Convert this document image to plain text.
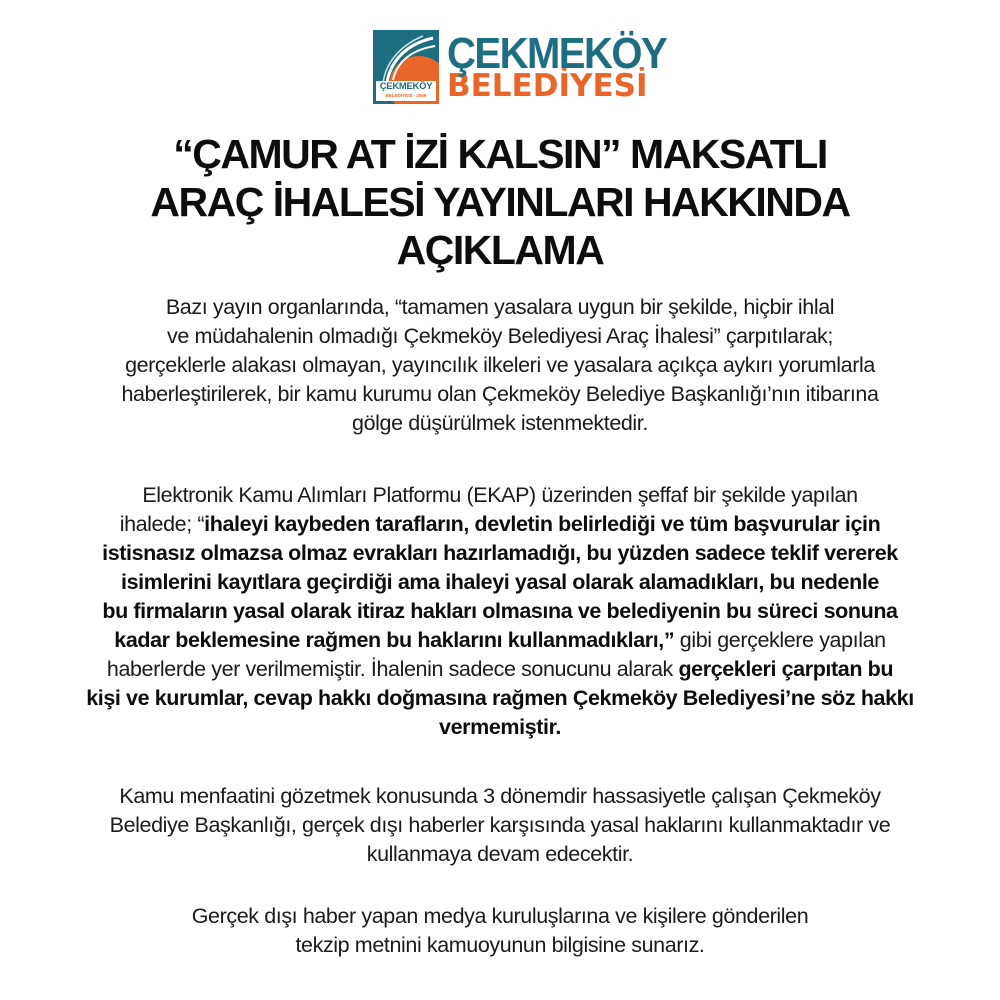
ÇEKMEKÖY
BELEDİYESİ - 2009
ÇEKMEKÖY
BELEDİYESİ
“ÇAMUR AT İZİ KALSIN” MAKSATLI
ARAÇ İHALESİ YAYINLARI HAKKINDA
AÇIKLAMA
Bazı yayın organlarında, “tamamen yasalara uygun bir şekilde, hiçbir ihlal
ve müdahalenin olmadığı Çekmeköy Belediyesi Araç İhalesi” çarpıtılarak;
gerçeklerle alakası olmayan, yayıncılık ilkeleri ve yasalara açıkça aykırı yorumlarla
haberleştirilerek, bir kamu kurumu olan Çekmeköy Belediye Başkanlığı’nın itibarına
gölge düşürülmek istenmektedir.
Elektronik Kamu Alımları Platformu (EKAP) üzerinden şeffaf bir şekilde yapılan
ihalede; “ihaleyi kaybeden tarafların, devletin belirlediği ve tüm başvurular için
istisnasız olmazsa olmaz evrakları hazırlamadığı, bu yüzden sadece teklif vererek
isimlerini kayıtlara geçirdiği ama ihaleyi yasal olarak alamadıkları, bu nedenle
bu firmaların yasal olarak itiraz hakları olmasına ve belediyenin bu süreci sonuna
kadar beklemesine rağmen bu haklarını kullanmadıkları,” gibi gerçeklere yapılan
haberlerde yer verilmemiştir. İhalenin sadece sonucunu alarak gerçekleri çarpıtan bu
kişi ve kurumlar, cevap hakkı doğmasına rağmen Çekmeköy Belediyesi’ne söz hakkı
vermemiştir.
Kamu menfaatini gözetmek konusunda 3 dönemdir hassasiyetle çalışan Çekmeköy
Belediye Başkanlığı, gerçek dışı haberler karşısında yasal haklarını kullanmaktadır ve
kullanmaya devam edecektir.
Gerçek dışı haber yapan medya kuruluşlarına ve kişilere gönderilen
tekzip metnini kamuoyunun bilgisine sunarız.
